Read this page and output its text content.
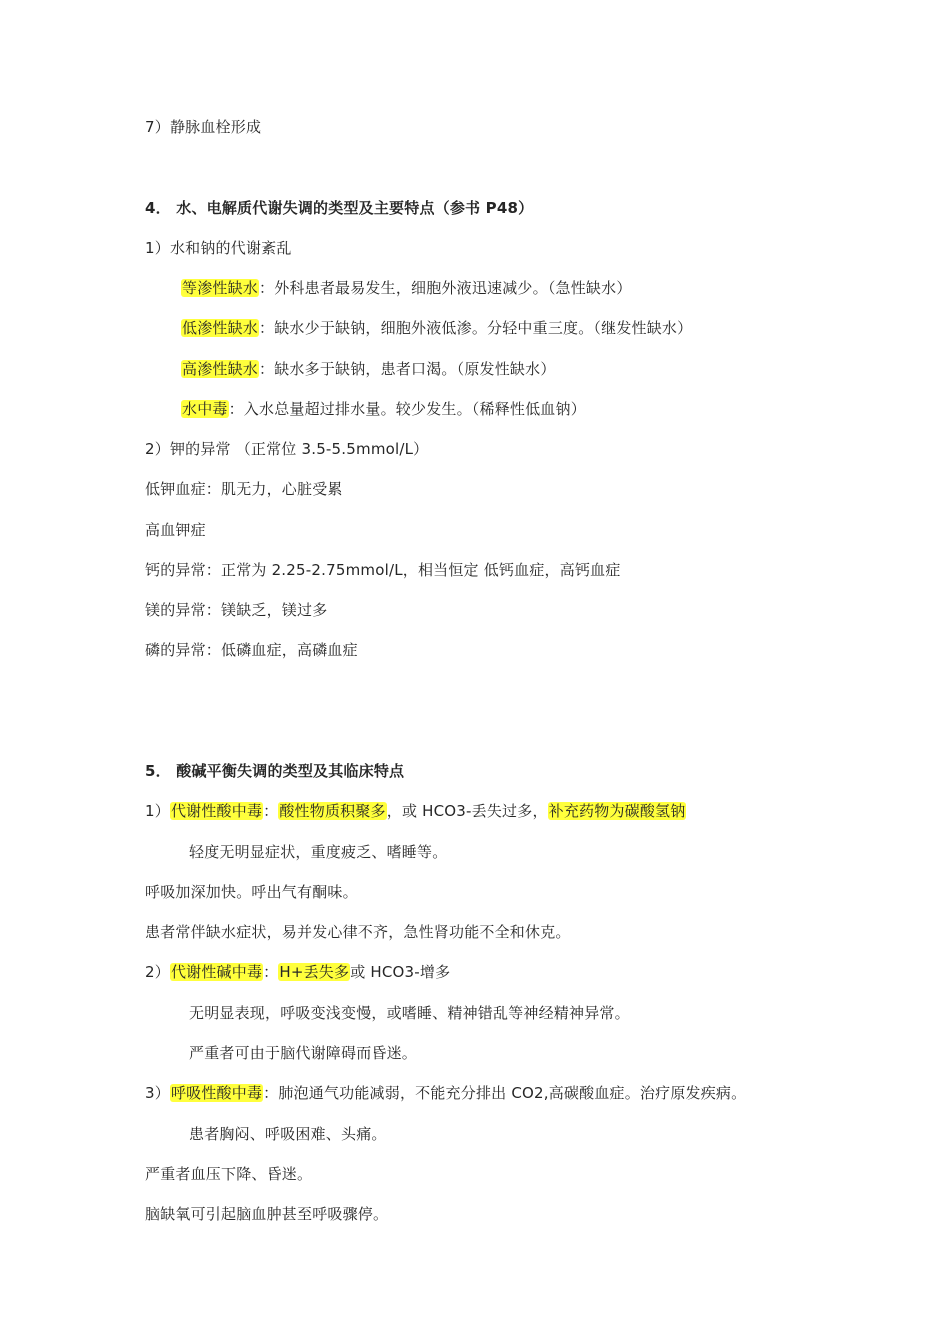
7）静脉血栓形成
4． 水、电解质代谢失调的类型及主要特点（参书 P48）
1）水和钠的代谢紊乱
等渗性缺水：外科患者最易发生，细胞外液迅速减少。（急性缺水）
低渗性缺水：缺水少于缺钠，细胞外液低渗。分轻中重三度。（继发性缺水）
高渗性缺水：缺水多于缺钠，患者口渴。（原发性缺水）
水中毒：入水总量超过排水量。较少发生。（稀释性低血钠）
2）钾的异常 （正常位 3.5-5.5mmol/L）
低钾血症：肌无力，心脏受累
高血钾症
钙的异常：正常为 2.25-2.75mmol/L，相当恒定 低钙血症，高钙血症
镁的异常：镁缺乏，镁过多
磷的异常：低磷血症，高磷血症
5． 酸碱平衡失调的类型及其临床特点
1）代谢性酸中毒：酸性物质积聚多，或 HCO3-丢失过多，补充药物为碳酸氢钠
轻度无明显症状，重度疲乏、嗜睡等。
呼吸加深加快。呼出气有酮味。
患者常伴缺水症状，易并发心律不齐，急性肾功能不全和休克。
2）代谢性碱中毒：H+丢失多或 HCO3-增多
无明显表现，呼吸变浅变慢，或嗜睡、精神错乱等神经精神异常。
严重者可由于脑代谢障碍而昏迷。
3）呼吸性酸中毒：肺泡通气功能减弱，不能充分排出 CO2,高碳酸血症。治疗原发疾病。
患者胸闷、呼吸困难、头痛。
严重者血压下降、昏迷。
脑缺氧可引起脑血肿甚至呼吸骤停。
